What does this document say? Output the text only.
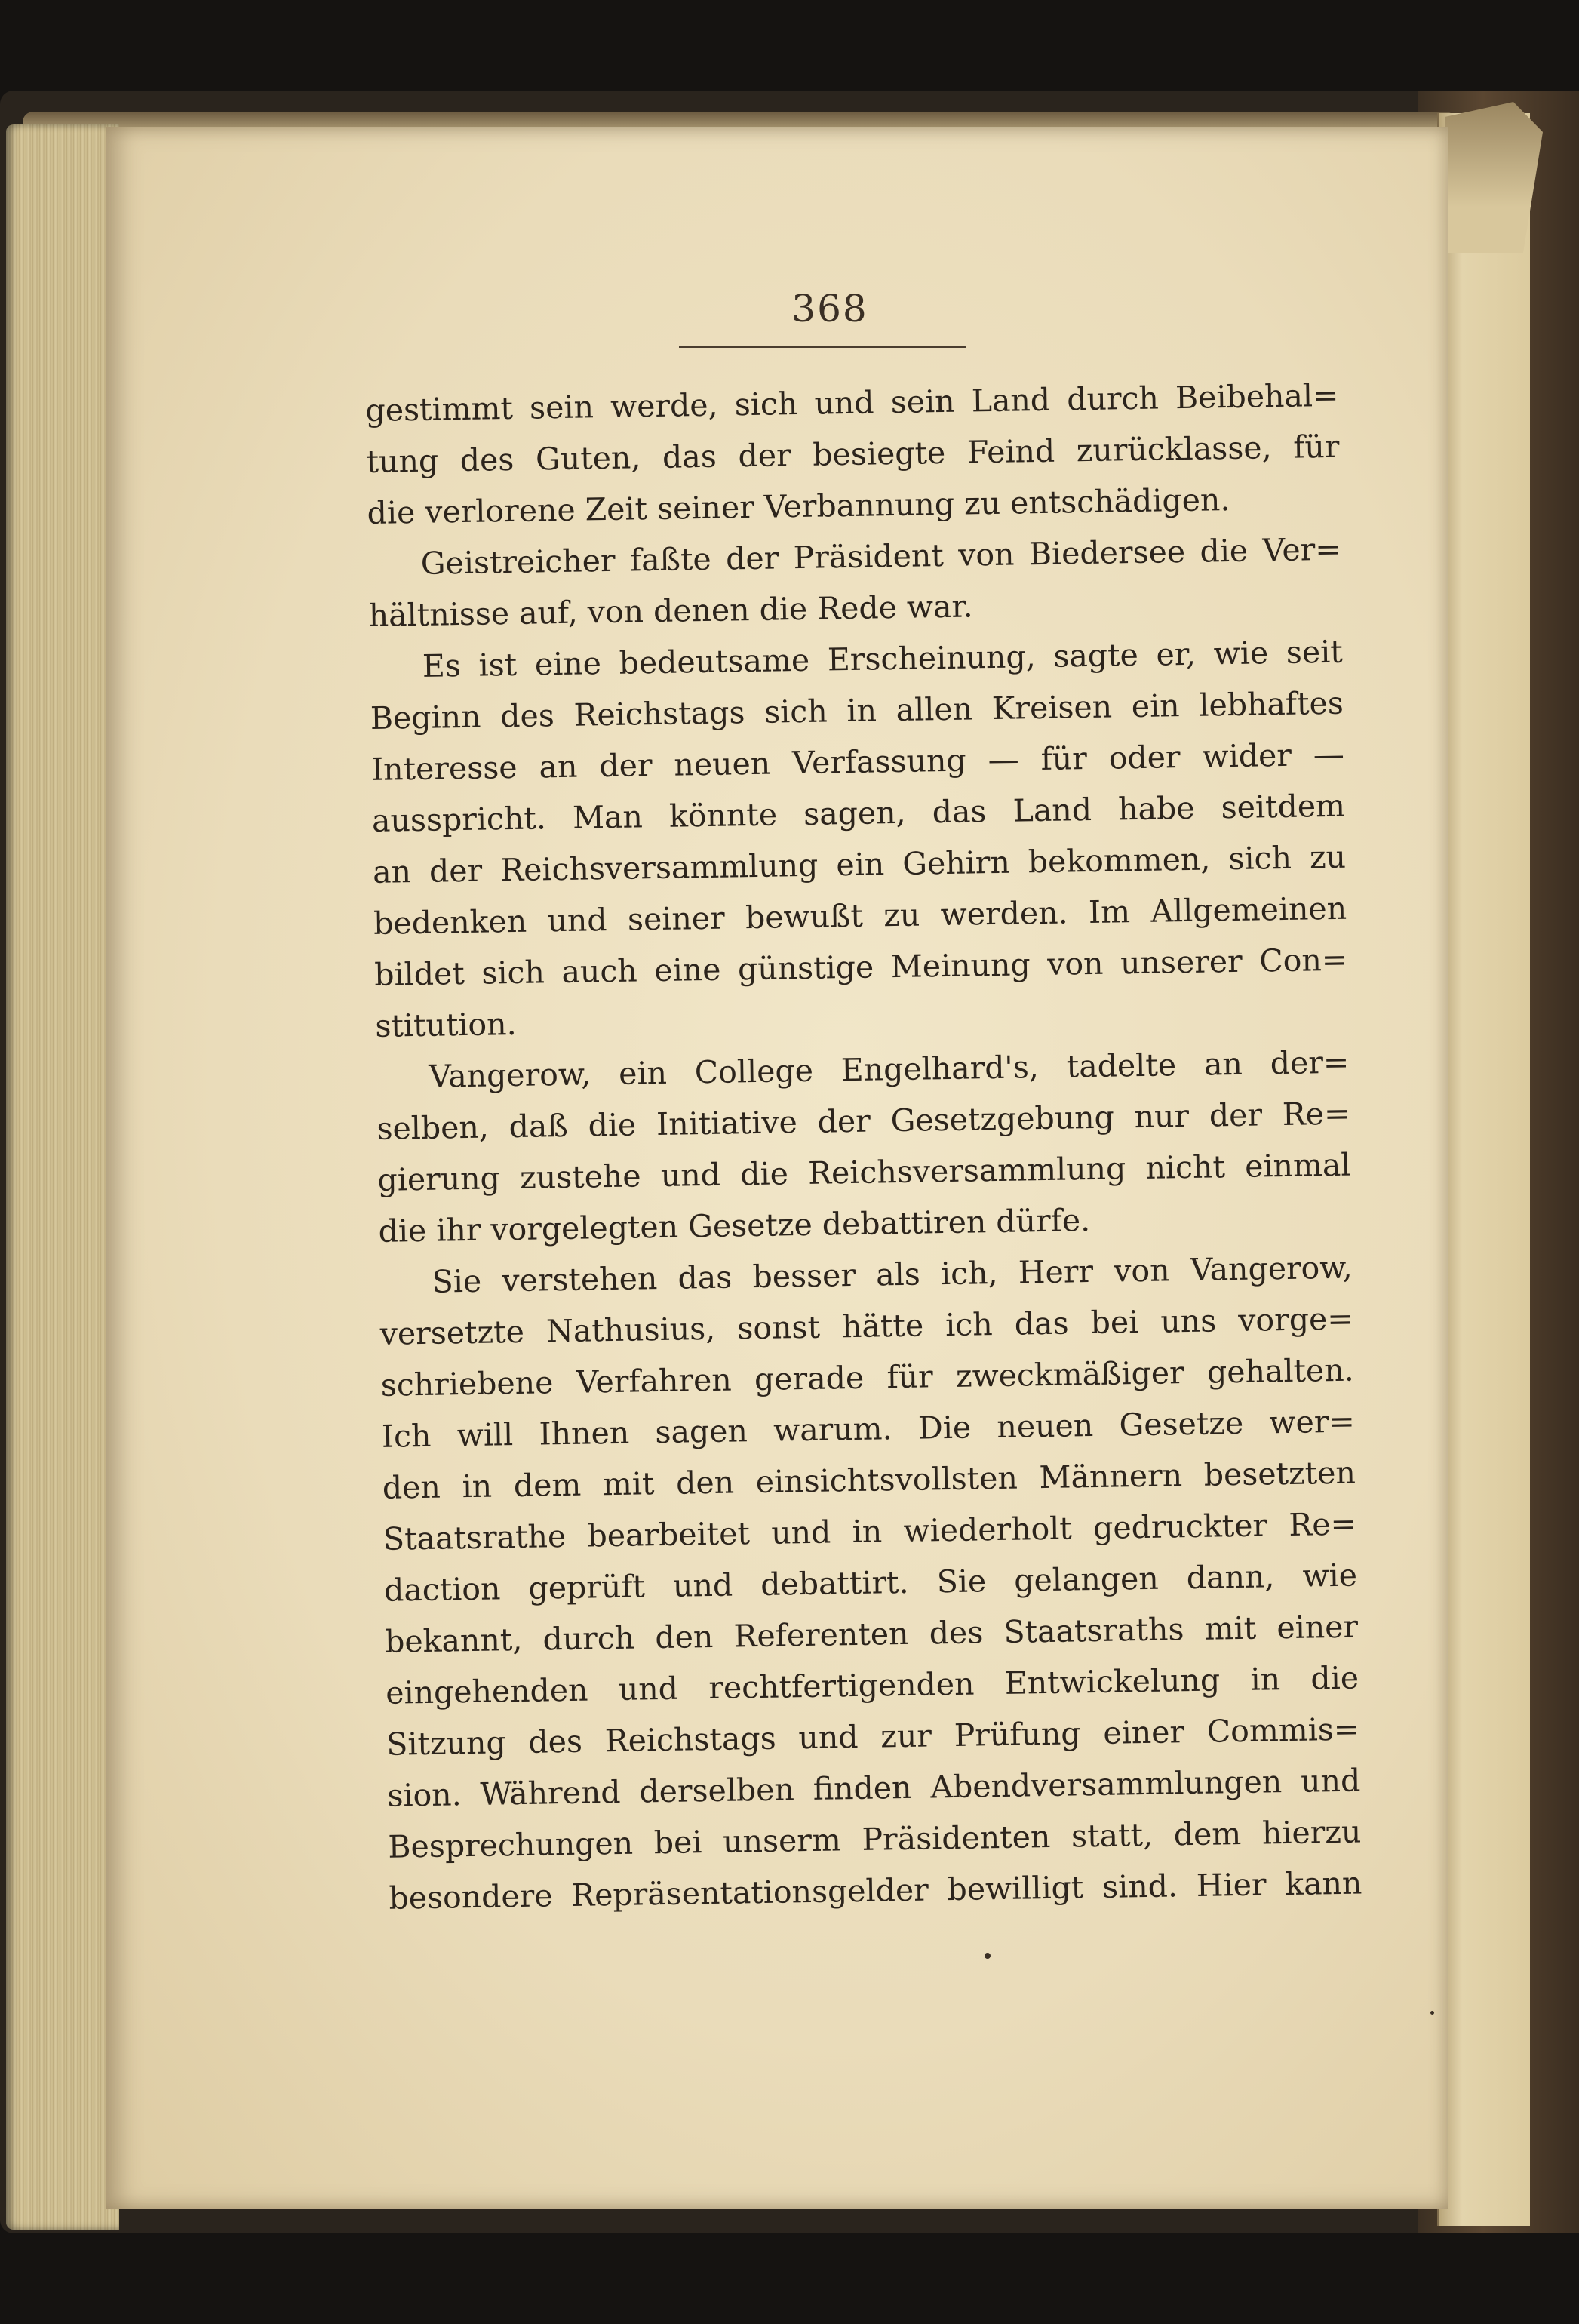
368
gestimmt sein werde, sich und sein Land durch Beibehal=
tung des Guten, das der besiegte Feind zurücklasse, für
die verlorene Zeit seiner Verbannung zu entschädigen.
Geistreicher faßte der Präsident von Biedersee die Ver=
hältnisse auf, von denen die Rede war.
Es ist eine bedeutsame Erscheinung, sagte er, wie seit
Beginn des Reichstags sich in allen Kreisen ein lebhaftes
Interesse an der neuen Verfassung — für oder wider —
ausspricht. Man könnte sagen, das Land habe seitdem
an der Reichsversammlung ein Gehirn bekommen, sich zu
bedenken und seiner bewußt zu werden. Im Allgemeinen
bildet sich auch eine günstige Meinung von unserer Con=
stitution.
Vangerow, ein College Engelhard's, tadelte an der=
selben, daß die Initiative der Gesetzgebung nur der Re=
gierung zustehe und die Reichsversammlung nicht einmal
die ihr vorgelegten Gesetze debattiren dürfe.
Sie verstehen das besser als ich, Herr von Vangerow,
versetzte Nathusius, sonst hätte ich das bei uns vorge=
schriebene Verfahren gerade für zweckmäßiger gehalten.
Ich will Ihnen sagen warum. Die neuen Gesetze wer=
den in dem mit den einsichtsvollsten Männern besetzten
Staatsrathe bearbeitet und in wiederholt gedruckter Re=
daction geprüft und debattirt. Sie gelangen dann, wie
bekannt, durch den Referenten des Staatsraths mit einer
eingehenden und rechtfertigenden Entwickelung in die
Sitzung des Reichstags und zur Prüfung einer Commis=
sion. Während derselben finden Abendversammlungen und
Besprechungen bei unserm Präsidenten statt, dem hierzu
besondere Repräsentationsgelder bewilligt sind. Hier kann
